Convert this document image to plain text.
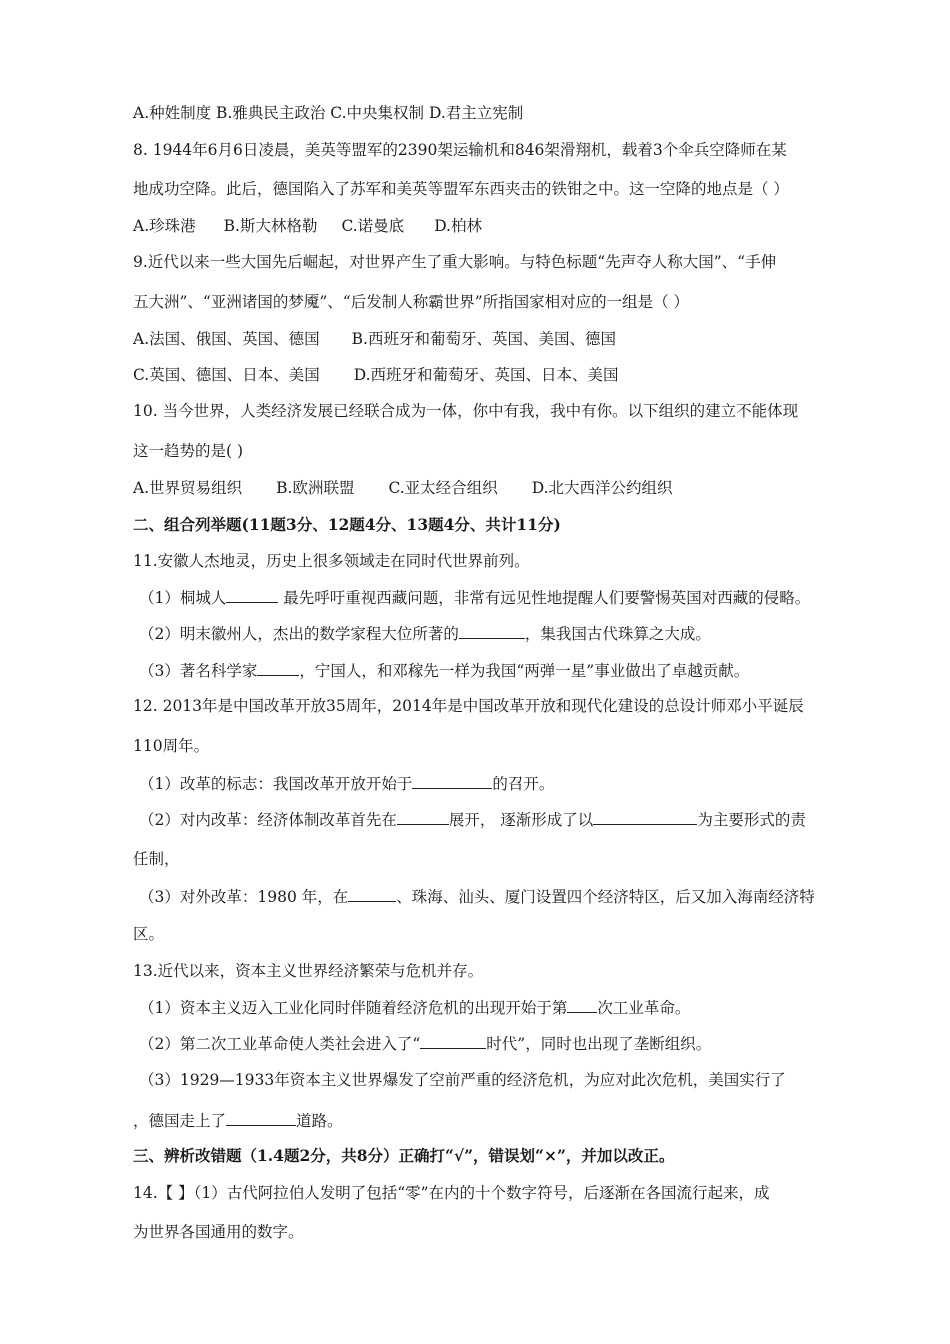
A.种姓制度 B.雅典民主政治 C.中央集权制 D.君主立宪制
8. 1944年6月6日凌晨，美英等盟军的2390架运输机和846架滑翔机，载着3个伞兵空降师在某
地成功空降。此后，德国陷入了苏军和美英等盟军东西夹击的铁钳之中。这一空降的地点是（ ）
A.珍珠港 B.斯大林格勒 C.诺曼底 D.柏林
9.近代以来一些大国先后崛起，对世界产生了重大影响。与特色标题“先声夺人称大国”、“手伸
五大洲”、“亚洲诸国的梦魇”、“后发制人称霸世界”所指国家相对应的一组是（ ）
A.法国、俄国、英国、德国 B.西班牙和葡萄牙、英国、美国、德国
C.英国、德国、日本、美国 D.西班牙和葡萄牙、英国、日本、美国
10. 当今世界，人类经济发展已经联合成为一体，你中有我，我中有你。以下组织的建立不能体现
这一趋势的是( )
A.世界贸易组织 B.欧洲联盟 C.亚太经合组织 D.北大西洋公约组织
二、组合列举题(11题3分、12题4分、13题4分、共计11分)
11.安徽人杰地灵，历史上很多领域走在同时代世界前列。
（1）桐城人	最先呼吁重视西藏问题，非常有远见性地提醒人们要警惕英国对西藏的侵略。
（2）明末徽州人，杰出的数学家程大位所著的	，集我国古代珠算之大成。
（3）著名科学家	，宁国人，和邓稼先一样为我国“两弹一星”事业做出了卓越贡献。
12. 2013年是中国改革开放35周年，2014年是中国改革开放和现代化建设的总设计师邓小平诞辰
110周年。
（1）改革的标志：我国改革开放开始于	的召开。
（2）对内改革：经济体制改革首先在	展开， 逐渐形成了以	为主要形式的责
任制，
（3）对外改革：1980 年，在	、珠海、汕头、厦门设置四个经济特区，后又加入海南经济特
区。
13.近代以来，资本主义世界经济繁荣与危机并存。
（1）资本主义迈入工业化同时伴随着经济危机的出现开始于第 次工业革命。
（2）第二次工业革命使人类社会进入了“	时代”，同时也出现了垄断组织。
（3）1929—1933年资本主义世界爆发了空前严重的经济危机，为应对此次危机，美国实行了
，德国走上了	道路。
三、辨析改错题（1.4题2分，共8分）正确打“√”，错误划“×”，并加以改正。
14.【 】（1）古代阿拉伯人发明了包括“零”在内的十个数字符号，后逐渐在各国流行起来，成
为世界各国通用的数字。
